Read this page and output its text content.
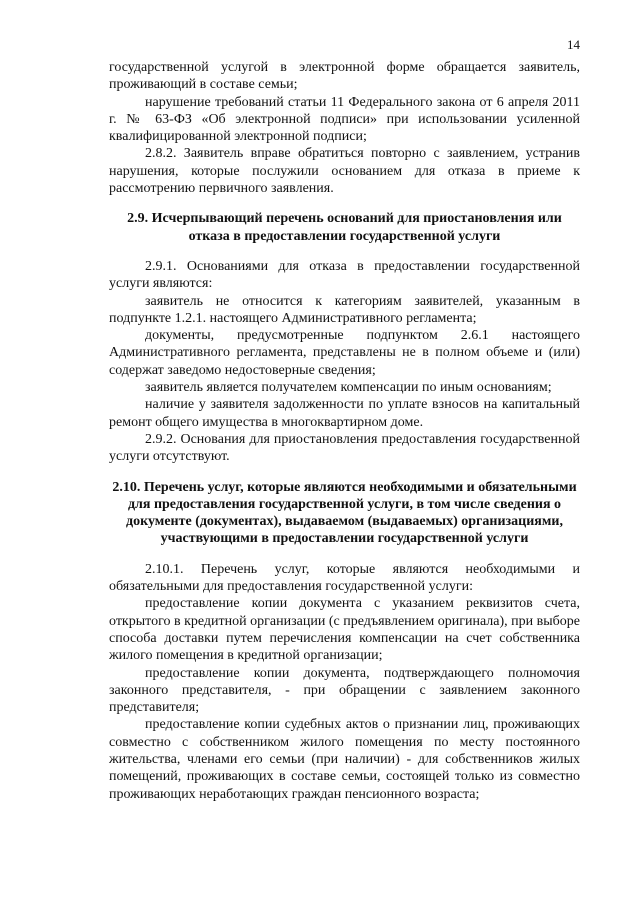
14

государственной услугой в электронной форме обращается заявитель, проживающий в составе семьи;

нарушение требований статьи 11 Федерального закона от 6 апреля 2011 г. № 63-ФЗ «Об электронной подписи» при использовании усиленной квалифицированной электронной подписи;

2.8.2. Заявитель вправе обратиться повторно с заявлением, устранив нарушения, которые послужили основанием для отказа в приеме к рассмотрению первичного заявления.

2.9. Исчерпывающий перечень оснований для приостановления или отказа в предоставлении государственной услуги

2.9.1. Основаниями для отказа в предоставлении государственной услуги являются:

заявитель не относится к категориям заявителей, указанным в подпункте 1.2.1. настоящего Административного регламента;

документы, предусмотренные подпунктом 2.6.1 настоящего Административного регламента, представлены не в полном объеме и (или) содержат заведомо недостоверные сведения;

заявитель является получателем компенсации по иным основаниям;

наличие у заявителя задолженности по уплате взносов на капитальный ремонт общего имущества в многоквартирном доме.

2.9.2. Основания для приостановления предоставления государственной услуги отсутствуют.

2.10. Перечень услуг, которые являются необходимыми и обязательными для предоставления государственной услуги, в том числе сведения о документе (документах), выдаваемом (выдаваемых) организациями, участвующими в предоставлении государственной услуги

2.10.1. Перечень услуг, которые являются необходимыми и обязательными для предоставления государственной услуги:

предоставление копии документа с указанием реквизитов счета, открытого в кредитной организации (с предъявлением оригинала), при выборе способа доставки путем перечисления компенсации на счет собственника жилого помещения в кредитной организации;

предоставление копии документа, подтверждающего полномочия законного представителя, - при обращении с заявлением законного представителя;

предоставление копии судебных актов о признании лиц, проживающих совместно с собственником жилого помещения по месту постоянного жительства, членами его семьи (при наличии) - для собственников жилых помещений, проживающих в составе семьи, состоящей только из совместно проживающих неработающих граждан пенсионного возраста;
